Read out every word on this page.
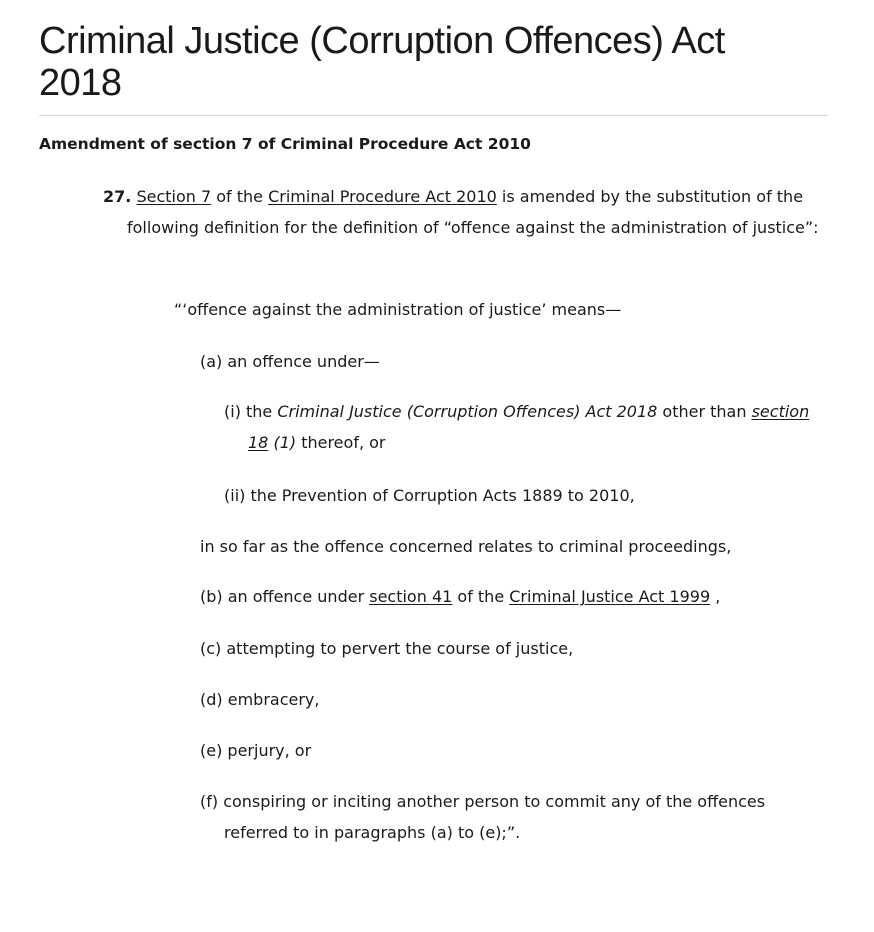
Criminal Justice (Corruption Offences) Act 2018
Amendment of section 7 of Criminal Procedure Act 2010

27. Section 7 of the Criminal Procedure Act 2010 is amended by the substitution of the
following definition for the definition of “offence against the administration of justice”:

“‘offence against the administration of justice’ means—

(a) an offence under—

(i) the Criminal Justice (Corruption Offences) Act 2018 other than section
18 (1) thereof, or

(ii) the Prevention of Corruption Acts 1889 to 2010,

in so far as the offence concerned relates to criminal proceedings,

(b) an offence under section 41 of the Criminal Justice Act 1999 ,

(c) attempting to pervert the course of justice,

(d) embracery,

(e) perjury, or

(f) conspiring or inciting another person to commit any of the offences
referred to in paragraphs (a) to (e);”.
